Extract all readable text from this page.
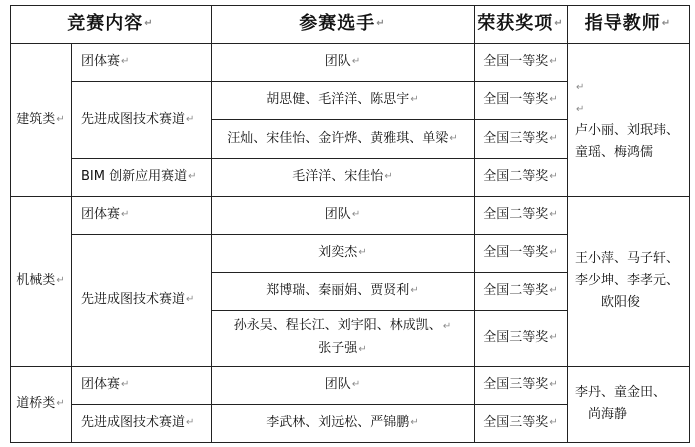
竞赛内容 ↵	参赛选手 ↵	荣获奖项 ↵ 指导教师 ↵
建筑类 ↵
团体赛 ↵
先进成图技术赛道 ↵
BIM 创新应用赛道 ↵
团队 ↵
胡思健、毛洋洋、陈思宇 ↵
汪灿、宋佳怡、金许烨、黄雅琪、单梁 ↵
毛洋洋、宋佳怡 ↵
全国一等奖 ↵
全国一等奖 ↵
全国三等奖 ↵
全国二等奖 ↵
↵
↵
卢小丽、刘珉玮、
童瑶、梅鸿儒
机械类 ↵
团体赛 ↵
先进成图技术赛道 ↵
团队 ↵
刘奕杰 ↵
郑博瑞、秦丽娟、贾贤利 ↵
孙永吴、程长江、刘宇阳、林成凯、↵
张子强↵
全国二等奖 ↵
全国一等奖 ↵
全国二等奖 ↵
全国三等奖 ↵
王小萍、马子轩、
李少坤、李孝元、
欧阳俊
道桥类 ↵
团体赛 ↵
先进成图技术赛道 ↵
团队 ↵
李武林、刘远松、严锦鹏 ↵
全国三等奖 ↵
全国三等奖 ↵
李丹、童金田、
尚海静
